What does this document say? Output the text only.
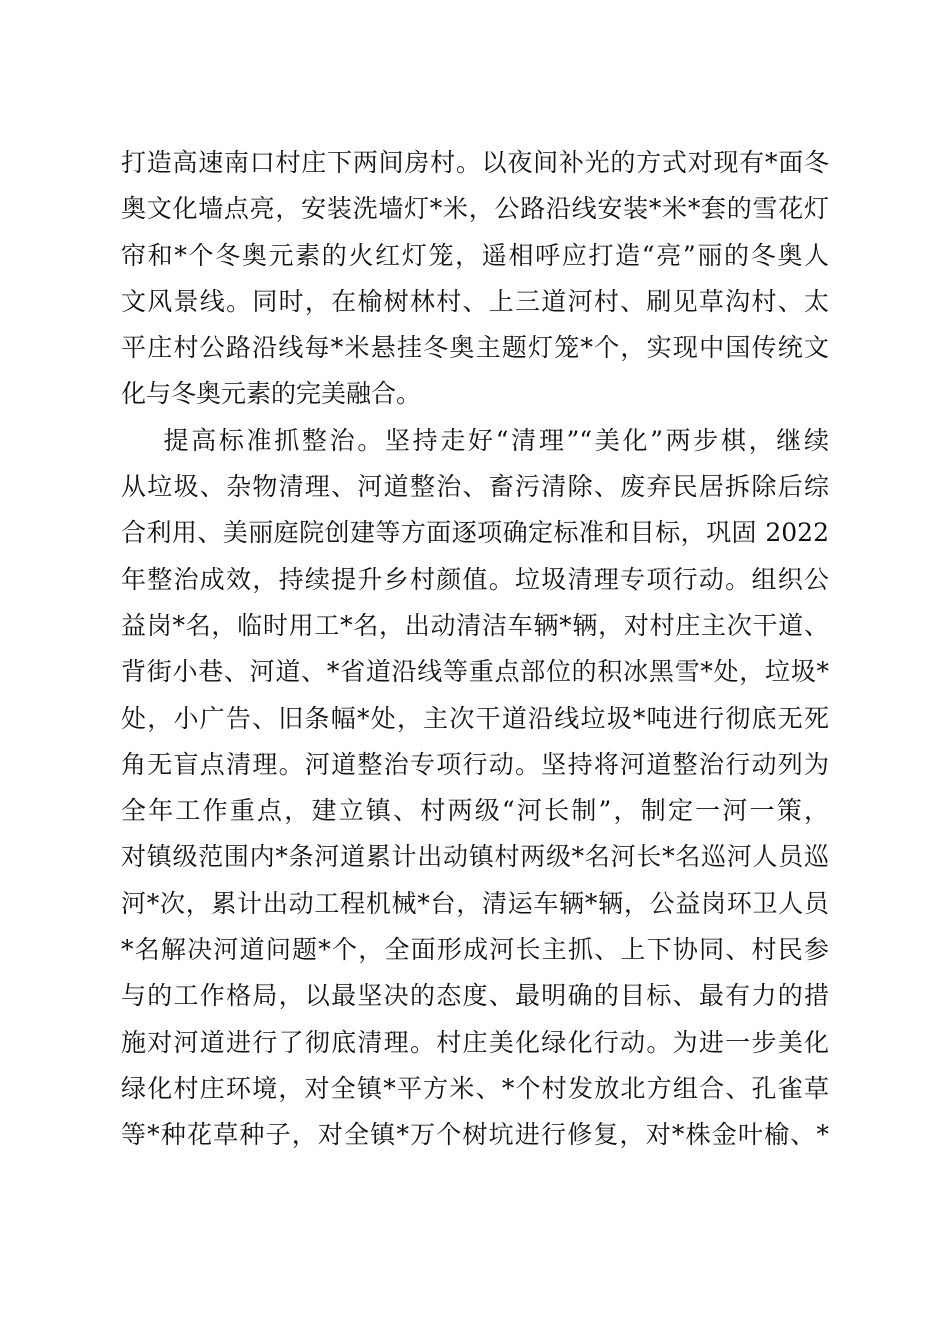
打造高速南口村庄下两间房村。以夜间补光的方式对现有*面冬
奥文化墙点亮，安装洗墙灯*米，公路沿线安装*米*套的雪花灯
帘和*个冬奥元素的火红灯笼，遥相呼应打造“亮”丽的冬奥人
文风景线。同时，在榆树林村、上三道河村、刷见草沟村、太
平庄村公路沿线每*米悬挂冬奥主题灯笼*个，实现中国传统文
化与冬奥元素的完美融合。
提高标准抓整治。坚持走好“清理”“美化”两步棋，继续
从垃圾、杂物清理、河道整治、畜污清除、废弃民居拆除后综
合利用、美丽庭院创建等方面逐项确定标准和目标，巩固 2022
年整治成效，持续提升乡村颜值。垃圾清理专项行动。组织公
益岗*名，临时用工*名，出动清洁车辆*辆，对村庄主次干道、
背街小巷、河道、*省道沿线等重点部位的积冰黑雪*处，垃圾*
处，小广告、旧条幅*处，主次干道沿线垃圾*吨进行彻底无死
角无盲点清理。河道整治专项行动。坚持将河道整治行动列为
全年工作重点，建立镇、村两级“河长制”，制定一河一策，
对镇级范围内*条河道累计出动镇村两级*名河长*名巡河人员巡
河*次，累计出动工程机械*台，清运车辆*辆，公益岗环卫人员
*名解决河道问题*个，全面形成河长主抓、上下协同、村民参
与的工作格局，以最坚决的态度、最明确的目标、最有力的措
施对河道进行了彻底清理。村庄美化绿化行动。为进一步美化
绿化村庄环境，对全镇*平方米、*个村发放北方组合、孔雀草
等*种花草种子，对全镇*万个树坑进行修复，对*株金叶榆、*
